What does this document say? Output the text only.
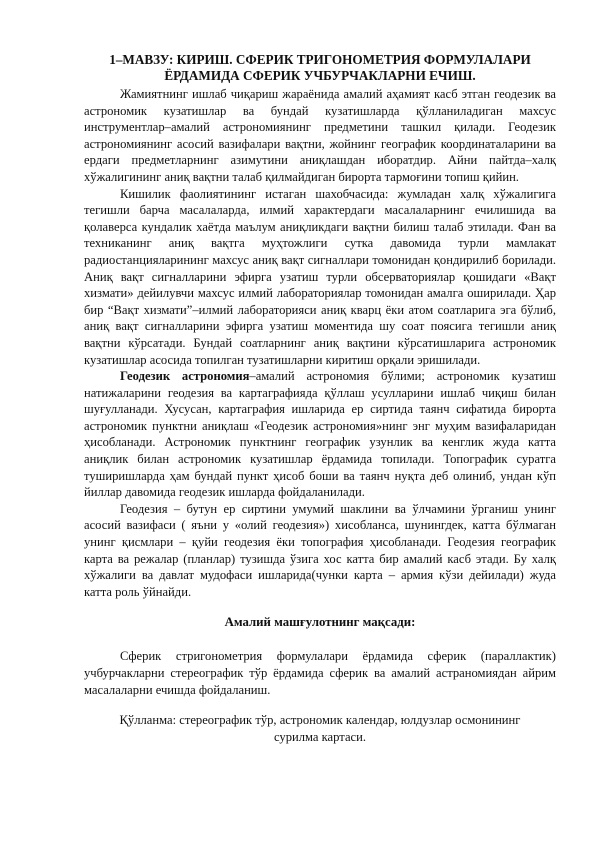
1–МАВЗУ: КИРИШ. СФЕРИК ТРИГОНОМЕТРИЯ ФОРМУЛАЛАРИ ЁРДАМИДА СФЕРИК УЧБУРЧАКЛАРНИ ЕЧИШ.

Жамиятнинг ишлаб чиқариш жараёнида амалий аҳамият касб этган геодезик ва астрономик кузатишлар ва бундай кузатишларда қўлланиладиган махсус инструментлар–амалий астрономиянинг предметини ташкил қилади. Геодезик астрономиянинг асосий вазифалари вақтни, жойнинг географик координаталарини ва ердаги предметларнинг азимутини аниқлашдан иборатдир. Айни пайтда–халқ хўжалигининг аниқ вақтни талаб қилмайдиган бирорта тармоғини топиш қийин.

Кишилик фаолиятининг истаган шахобчасида: жумладан халқ хўжалигига тегишли барча масалаларда, илмий характердаги масалаларнинг ечилишида ва қолаверса кундалик хаётда маълум аниқликдаги вақтни билиш талаб этилади. Фан ва техниканинг аниқ вақтга муҳтожлиги сутка давомида турли мамлакат радиостанцияларининг махсус аниқ вақт сигналлари томонидан қондирилиб борилади. Аниқ вақт сигналларини эфирга узатиш турли обсерваториялар қошидаги «Вақт хизмати» дейилувчи махсус илмий лабораториялар томонидан амалга оширилади. Ҳар бир “Вақт хизмати”–илмий лабораторияси аниқ кварц ёки атом соатларига эга бўлиб, аниқ вақт сигналларини эфирга узатиш моментида шу соат поясига тегишли аниқ вақтни кўрсатади. Бундай соатларнинг аниқ вақтини кўрсатишларига астрономик кузатишлар асосида топилган тузатишларни киритиш орқали эришилади.

Геодезик астрономия–амалий астрономия бўлими; астрономик кузатиш натижаларини геодезия ва картаграфияда қўллаш усулларини ишлаб чиқиш билан шуғулланади. Хусусан, картаграфия ишларида ер сиртида таянч сифатида бирорта астрономик пунктни аниқлаш «Геодезик астрономия»нинг энг муҳим вазифаларидан ҳисобланади. Астрономик пунктнинг географик узунлик ва кенглик жуда катта аниқлик билан астрономик кузатишлар ёрдамида топилади. Топографик суратга туширишларда ҳам бундай пункт ҳисоб боши ва таянч нуқта деб олиниб, ундан кўп йиллар давомида геодезик ишларда фойдаланилади.

Геодезия – бутун ер сиртини умумий шаклини ва ўлчамини ўрганиш унинг асосий вазифаси ( яъни у «олий геодезия») хисобланса, шунингдек, катта бўлмаган унинг қисмлари – қуйи геодезия ёки топография ҳисобланади. Геодезия географик карта ва режалар (планлар) тузишда ўзига хос катта бир амалий касб этади. Бу халқ хўжалиги ва давлат мудофаси ишларида(чунки карта – армия кўзи дейилади) жуда катта роль ўйнайди.

Амалий машғулотнинг мақсади:

Сферик стригонометрия формулалари ёрдамида сферик (параллактик) учбурчакларни стереографик тўр ёрдамида сферик ва амалий астраномиядан айрим масалаларни ечишда фойдаланиш.

Қўлланма: стереографик тўр, астрономик календар, юлдузлар осмонининг
сурилма картаси.
